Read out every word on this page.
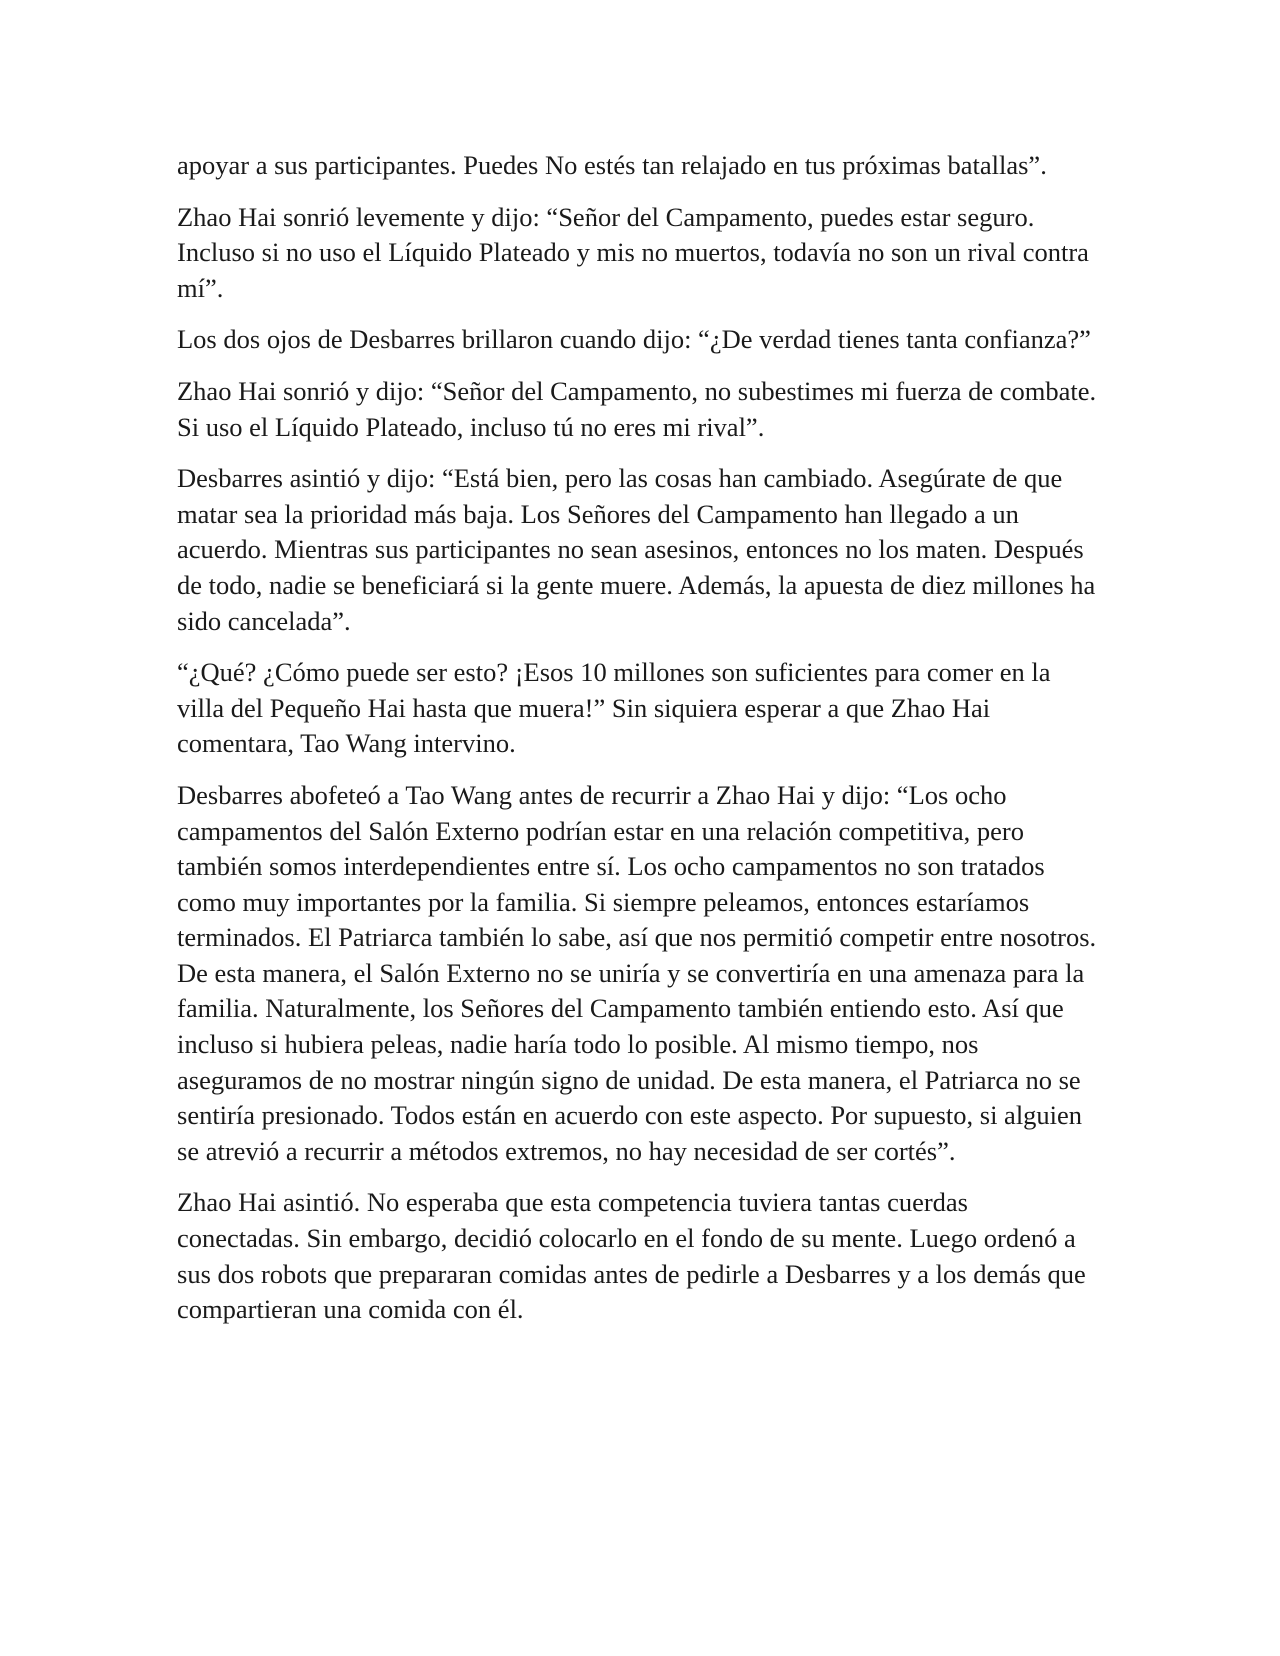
apoyar a sus participantes. Puedes No estés tan relajado en tus próximas batallas”.

Zhao Hai sonrió levemente y dijo: “Señor del Campamento, puedes estar seguro. Incluso si no uso el Líquido Plateado y mis no muertos, todavía no son un rival contra mí”.

Los dos ojos de Desbarres brillaron cuando dijo: “¿De verdad tienes tanta confianza?”

Zhao Hai sonrió y dijo: “Señor del Campamento, no subestimes mi fuerza de combate. Si uso el Líquido Plateado, incluso tú no eres mi rival”.

Desbarres asintió y dijo: “Está bien, pero las cosas han cambiado. Asegúrate de que matar sea la prioridad más baja. Los Señores del Campamento han llegado a un acuerdo. Mientras sus participantes no sean asesinos, entonces no los maten. Después de todo, nadie se beneficiará si la gente muere. Además, la apuesta de diez millones ha sido cancelada”.

“¿Qué? ¿Cómo puede ser esto? ¡Esos 10 millones son suficientes para comer en la villa del Pequeño Hai hasta que muera!” Sin siquiera esperar a que Zhao Hai comentara, Tao Wang intervino.

Desbarres abofeteó a Tao Wang antes de recurrir a Zhao Hai y dijo: “Los ocho campamentos del Salón Externo podrían estar en una relación competitiva, pero también somos interdependientes entre sí. Los ocho campamentos no son tratados como muy importantes por la familia. Si siempre peleamos, entonces estaríamos terminados. El Patriarca también lo sabe, así que nos permitió competir entre nosotros. De esta manera, el Salón Externo no se uniría y se convertiría en una amenaza para la familia. Naturalmente, los Señores del Campamento también entiendo esto. Así que incluso si hubiera peleas, nadie haría todo lo posible. Al mismo tiempo, nos aseguramos de no mostrar ningún signo de unidad. De esta manera, el Patriarca no se sentiría presionado. Todos están en acuerdo con este aspecto. Por supuesto, si alguien se atrevió a recurrir a métodos extremos, no hay necesidad de ser cortés”.

Zhao Hai asintió. No esperaba que esta competencia tuviera tantas cuerdas conectadas. Sin embargo, decidió colocarlo en el fondo de su mente. Luego ordenó a sus dos robots que prepararan comidas antes de pedirle a Desbarres y a los demás que compartieran una comida con él.
